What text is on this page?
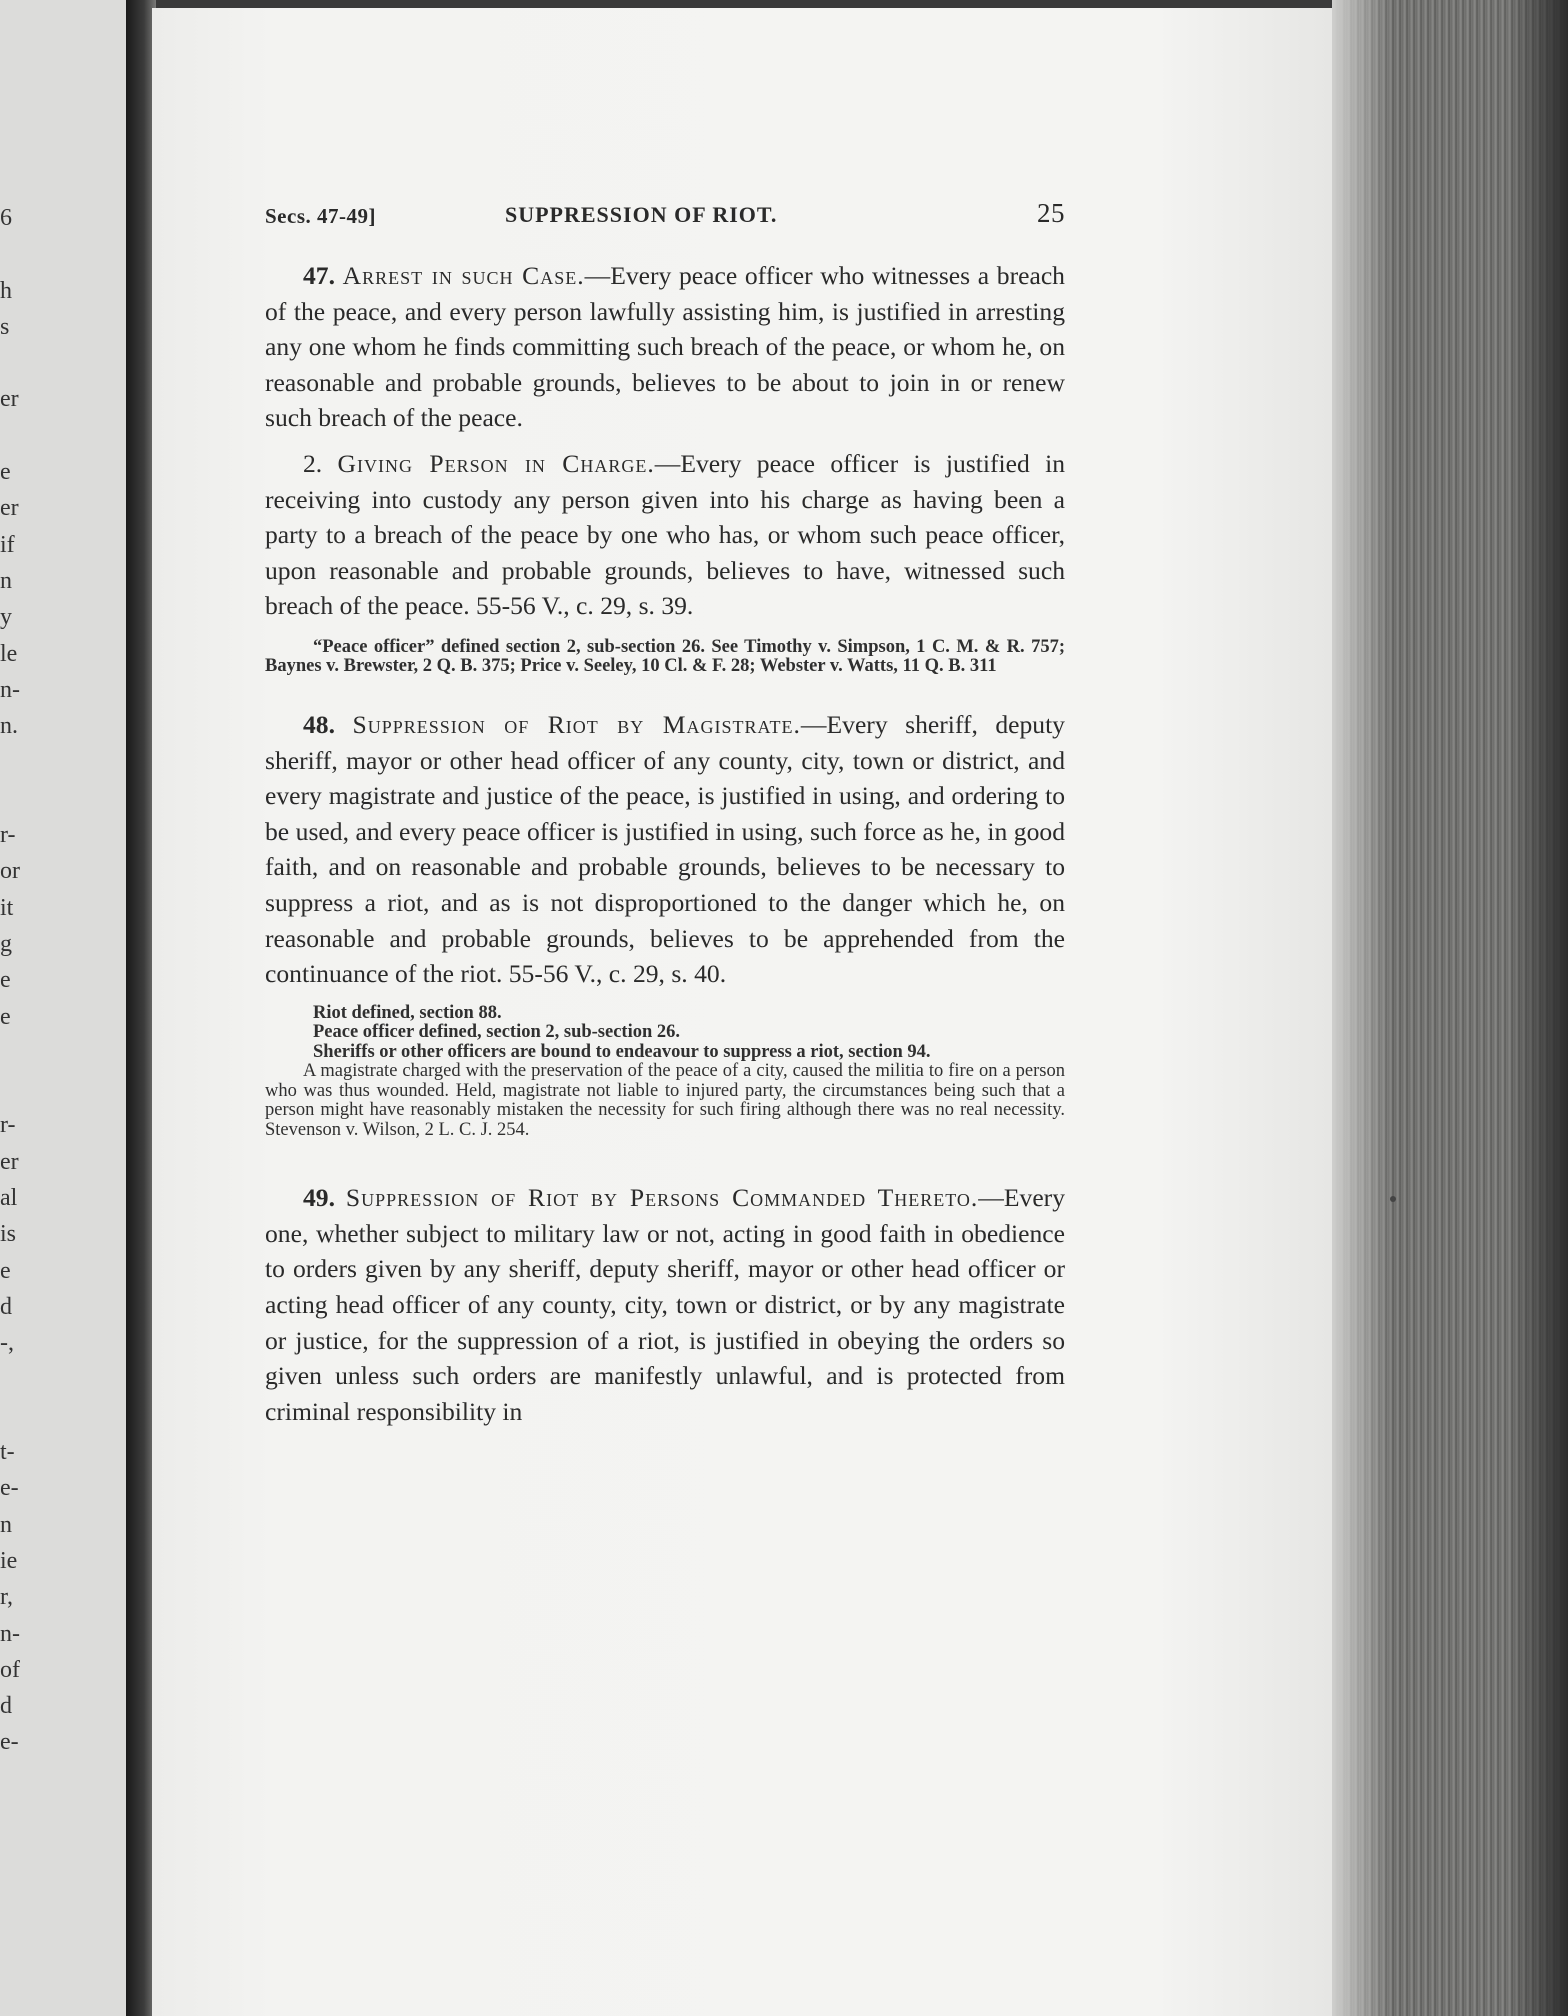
6
h
s
er
e
er
if
n
y
le
n-
n.
r-
or
it
g
e
e
r-
er
al
is
e
d
-,
t-
e-
n
ie
r,
n-
of
d
e-
Secs. 47-49]	SUPPRESSION OF RIOT.	25

47. Arrest in such Case.—Every peace officer who witnesses a breach of the peace, and every person lawfully assisting him, is justified in arresting any one whom he finds committing such breach of the peace, or whom he, on reasonable and probable grounds, believes to be about to join in or renew such breach of the peace.

2. Giving Person in Charge.—Every peace officer is justified in receiving into custody any person given into his charge as having been a party to a breach of the peace by one who has, or whom such peace officer, upon reasonable and probable grounds, believes to have, witnessed such breach of the peace. 55-56 V., c. 29, s. 39.

“Peace officer” defined section 2, sub-section 26. See Timothy v. Simpson, 1 C. M. & R. 757; Baynes v. Brewster, 2 Q. B. 375; Price v. Seeley, 10 Cl. & F. 28; Webster v. Watts, 11 Q. B. 311

48. Suppression of Riot by Magistrate.—Every sheriff, deputy sheriff, mayor or other head officer of any county, city, town or district, and every magistrate and justice of the peace, is justified in using, and ordering to be used, and every peace officer is justified in using, such force as he, in good faith, and on reasonable and probable grounds, believes to be necessary to suppress a riot, and as is not disproportioned to the danger which he, on reasonable and probable grounds, believes to be apprehended from the continuance of the riot. 55-56 V., c. 29, s. 40.

Riot defined, section 88.

Peace officer defined, section 2, sub-section 26.

Sheriffs or other officers are bound to endeavour to suppress a riot, section 94.

A magistrate charged with the preservation of the peace of a city, caused the militia to fire on a person who was thus wounded. Held, magistrate not liable to injured party, the circumstances being such that a person might have reasonably mistaken the necessity for such firing although there was no real necessity. Stevenson v. Wilson, 2 L. C. J. 254.

49. Suppression of Riot by Persons Commanded Thereto.—Every one, whether subject to military law or not, acting in good faith in obedience to orders given by any sheriff, deputy sheriff, mayor or other head officer or acting head officer of any county, city, town or district, or by any magistrate or justice, for the suppression of a riot, is justified in obeying the orders so given unless such orders are manifestly unlawful, and is protected from criminal responsibility in
